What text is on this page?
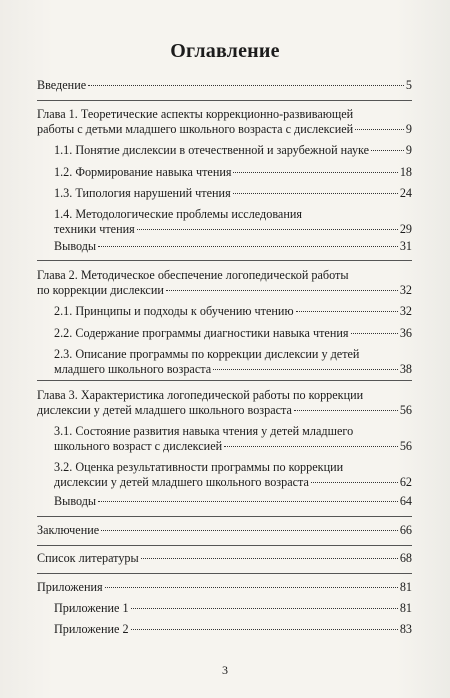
Оглавление
Введение	5
Глава 1. Теоретические аспекты коррекционно-развивающей
работы с детьми младшего школьного возраста с дислексией	9
1.1. Понятие дислексии в отечественной и зарубежной науке	9
1.2. Формирование навыка чтения	18
1.3. Типология нарушений чтения	24
1.4. Методологические проблемы исследования
техники чтения	29
Выводы	31
Глава 2. Методическое обеспечение логопедической работы
по коррекции дислексии	32
2.1. Принципы и подходы к обучению чтению	32
2.2. Содержание программы диагностики навыка чтения	36
2.3. Описание программы по коррекции дислексии у детей
младшего школьного возраста	38
Глава 3. Характеристика логопедической работы по коррекции
дислексии у детей младшего школьного возраста	56
3.1. Состояние развития навыка чтения у детей младшего
школьного возраст с дислексией	56
3.2. Оценка результативности программы по коррекции
дислексии у детей младшего школьного возраста	62
Выводы	64
Заключение	66
Список литературы	68
Приложения	81
Приложение 1	81
Приложение 2	83
3
